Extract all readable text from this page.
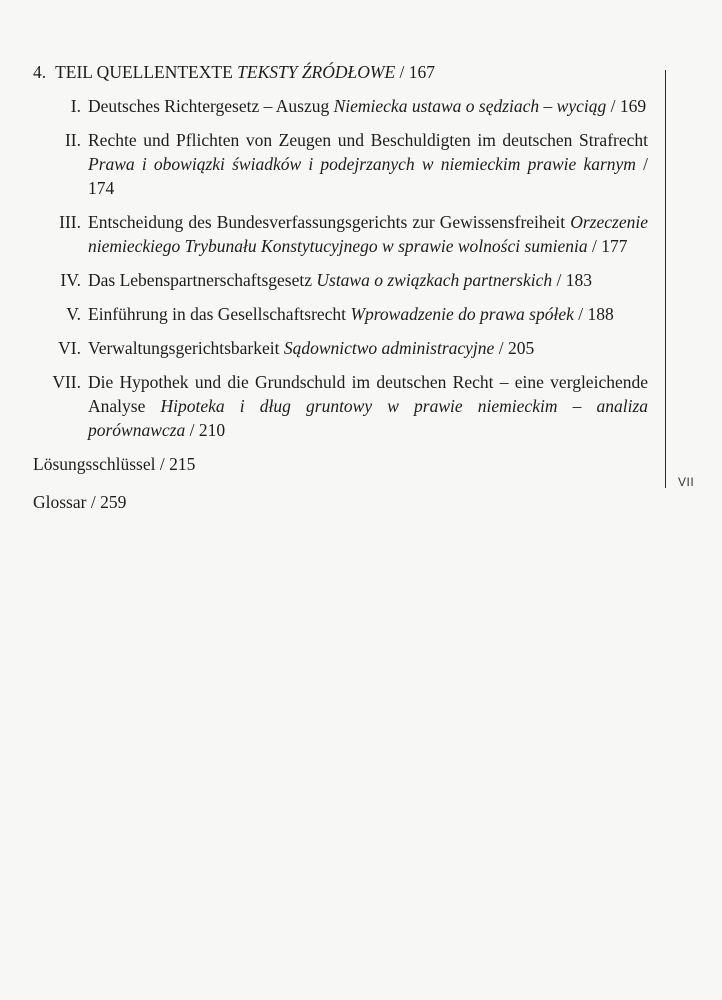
4. TEIL QUELLENTEXTE TEKSTY ŹRÓDŁOWE / 167
I. Deutsches Richtergesetz – Auszug Niemiecka ustawa o sędziach – wyciąg / 169
II. Rechte und Pflichten von Zeugen und Beschuldigten im deutschen Strafrecht Prawa i obowiązki świadków i podejrzanych w niemieckim prawie karnym / 174
III. Entscheidung des Bundesverfassungsgerichts zur Gewissensfreiheit Orzeczenie niemieckiego Trybunału Konstytucyjnego w sprawie wolności sumienia / 177
IV. Das Lebenspartnerschaftsgesetz Ustawa o związkach partnerskich / 183
V. Einführung in das Gesellschaftsrecht Wprowadzenie do prawa spółek / 188
VI. Verwaltungsgerichtsbarkeit Sądownictwo administracyjne / 205
VII. Die Hypothek und die Grundschuld im deutschen Recht – eine vergleichende Analyse Hipoteka i dług gruntowy w prawie niemieckim – analiza porównawcza / 210
Lösungsschlüssel / 215
Glossar / 259
VII
